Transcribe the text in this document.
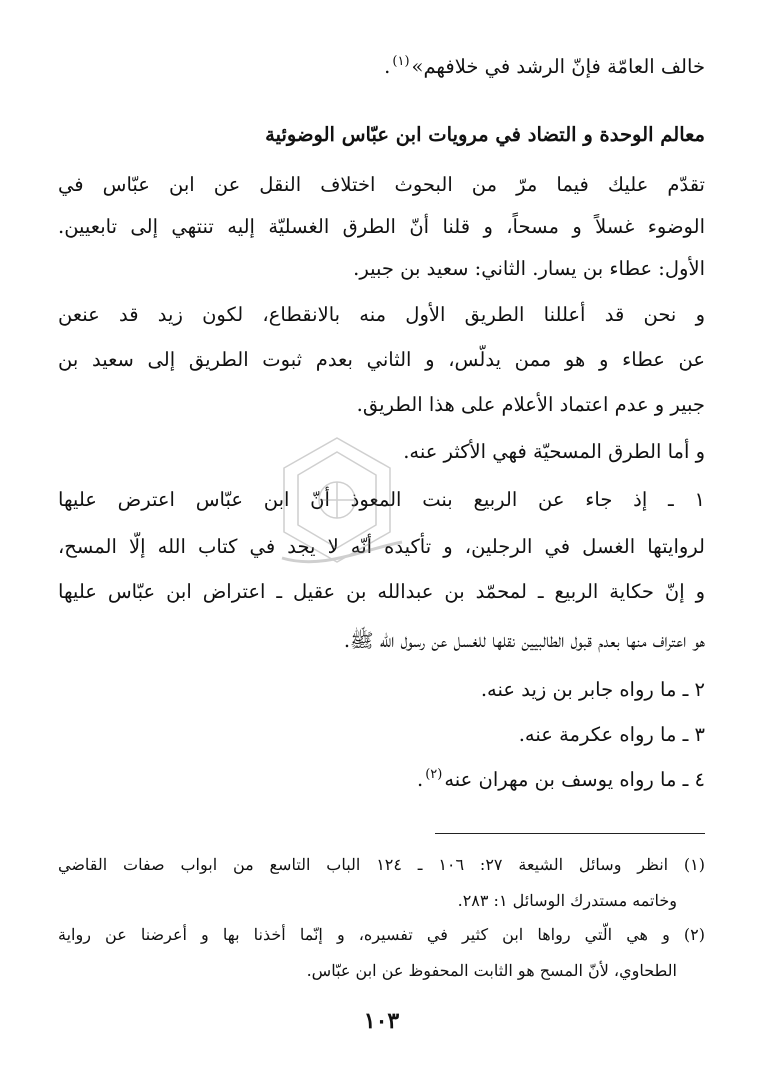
خالف العامّة فإنّ الرشد في خلافهم»$^{(١)}$.
معالم الوحدة و التضاد في مرويات ابن عبّاس الوضوئية
تقدّم عليك فيما مرّ من البحوث اختلاف النقل عن ابن عبّاس في
الوضوء غسلاً و مسحاً، و قلنا أنّ الطرق الغسليّة إليه تنتهي إلى تابعيين.
الأول: عطاء بن يسار. الثاني: سعيد بن جبير.
و نحن قد أعللنا الطريق الأول منه بالانقطاع، لكون زيد قد عنعن
عن عطاء و هو ممن يدلّس، و الثاني بعدم ثبوت الطريق إلى سعيد بن
جبير و عدم اعتماد الأعلام على هذا الطريق.
و أما الطرق المسحيّة فهي الأكثر عنه.
١ ـ إذ جاء عن الربيع بنت المعوذ أنّ ابن عبّاس اعترض عليها
لروايتها الغسل في الرجلين، و تأكيده أنّه لا يجد في كتاب الله إلّا المسح،
و إنّ حكاية الربيع ـ لمحمّد بن عبدالله بن عقيل ـ اعتراض ابن عبّاس عليها
هو اعتراف منها بعدم قبول الطالبيين نقلها للغسل عن رسول الله ﷺ.
٢ ـ ما رواه جابر بن زيد عنه.
٣ ـ ما رواه عكرمة عنه.
٤ ـ ما رواه يوسف بن مهران عنه$^{(٢)}$.
(١) انظر وسائل الشيعة ٢٧: ١٠٦ ـ ١٢٤ الباب التاسع من ابواب صفات القاضي
وخاتمه مستدرك الوسائل ١: ٢٨٣.
(٢) و هي الّتي رواها ابن كثير في تفسيره، و إنّما أخذنا بها و أعرضنا عن رواية
الطحاوي، لأنّ المسح هو الثابت المحفوظ عن ابن عبّاس.
١٠٣
